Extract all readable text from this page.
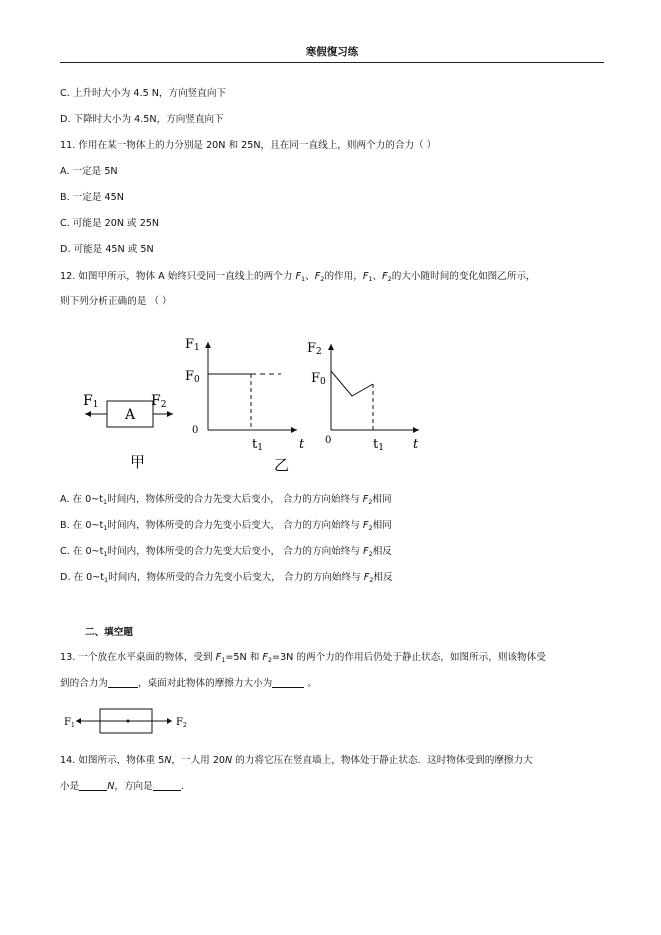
寒假復习练
C. 上升时大小为 4.5 N，方向竖直向下
D. 下降时大小为 4.5N，方向竖直向下
11. 作用在某一物体上的力分别是 20N 和 25N，且在同一直线上，则两个力的合力（ ）
A. 一定是 5N
B. 一定是 45N
C. 可能是 20N 或 25N
D. 可能是 45N 或 5N
12. 如图甲所示，物体 A 始终只受同一直线上的两个力 $F_1$、$F_2$的作用，$F_1$、$F_2$的大小随时间的变化如图乙所示，
则下列分析正确的是 （ ）
A
F1	F2
甲
F1
F0
0
t1	t
乙
F2
F0
0	t1 t
A. 在 $0\sim t_1$时间内，物体所受的合力先变大后变小， 合力的方向始终与 $F_2$相同
B. 在 $0\sim t_1$时间内，物体所受的合力先变小后变大， 合力的方向始终与 $F_2$相同
C. 在 $0\sim t_1$时间内，物体所受的合力先变大后变小， 合力的方向始终与 $F_2$相反
D. 在 $0\sim t_1$时间内，物体所受的合力先变小后变大， 合力的方向始终与 $F_2$相反
二、填空题
13. 一个放在水平桌面的物体，受到 $F_1=5N$ 和 $F_2=3N$ 的两个力的作用后仍处于静止状态，如图所示，则该物体受
到的合力为	，桌面对此物体的摩擦力大小为	。
$F_1$	$F_2$
14. 如图所示，物体重 5N，一人用 20N 的力将它压在竖直墙上，物体处于静止状态．这时物体受到的摩擦力大
小是	N，方向是	．
